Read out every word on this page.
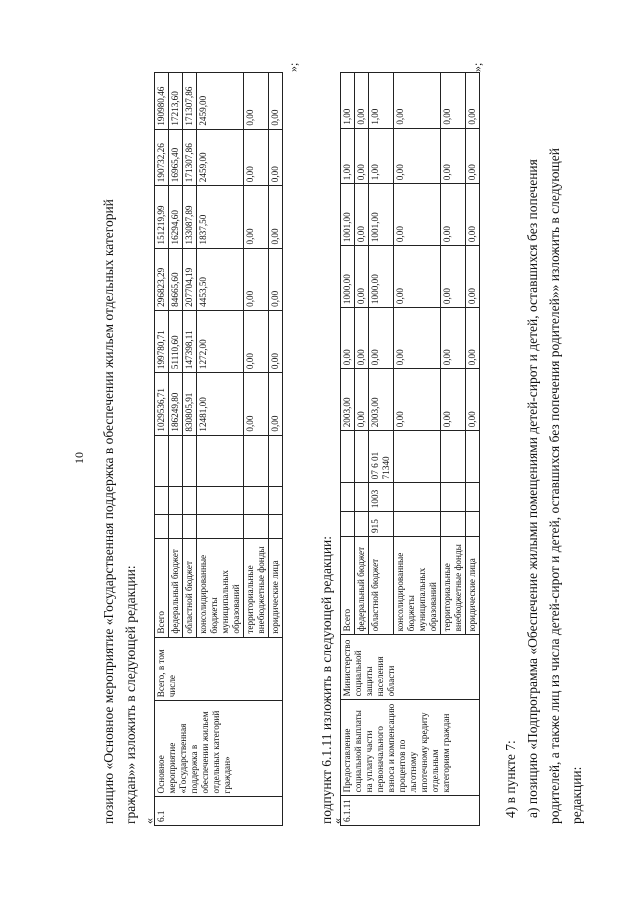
10 позицию «Основное мероприятие «Государственная поддержка в обеспечении жильем отдельных категорий граждан»» изложить в следующей редакции: « 6.1	Основное мероприятие «Государственная поддержка в обеспечении жильем отдельных категорий граждан»	Всего, в том числе	Всего				1029536,71	199780,71	296823,29	151219,99	190732,26	190980,46
			федеральный бюджет				186249,80	51110,60	84665,60	16294,60	16965,40	17213,60
			областной бюджет				830805,91	147398,11	207704,19	133087,89	171307,86	171307,86
			консолидированные бюджеты муниципальных образований				12481,00	1272,00	4453,50	1837,50	2459,00	2459,00
			территориальные внебюджетные фонды				0,00	0,00	0,00	0,00	0,00	0,00
			юридические лица				0,00	0,00	0,00	0,00	0,00	0,00
»;
подпункт 6.1.11 изложить в следующей редакции:
«
6.1.11	Предоставление социальной выплаты на уплату части первоначального взноса и компенсацию процентов по льготному ипотечному кредиту отдельным категориям граждан	Министерство социальной защиты населения области	Всего				2003,00	0,00	1000,00	1001,00	1,00	1,00
			федеральный бюджет				0,00	0,00	0,00	0,00	0,00	0,00
			областной бюджет	915	1003	07 6 01 71340	2003,00	0,00	1000,00	1001,00	1,00	1,00
			консолидированные бюджеты муниципальных образований				0,00	0,00	0,00	0,00	0,00	0,00
			территориальные внебюджетные фонды				0,00	0,00	0,00	0,00	0,00	0,00
			юридические лица				0,00	0,00	0,00	0,00	0,00	0,00
»;
4) в пункте 7: а) позицию «Подпрограмма «Обеспечение жилыми помещениями детей-сирот и детей, оставшихся без попечения родителей, а также лиц из числа детей-сирот и детей, оставшихся без попечения родителей»» изложить в следующей редакции:
